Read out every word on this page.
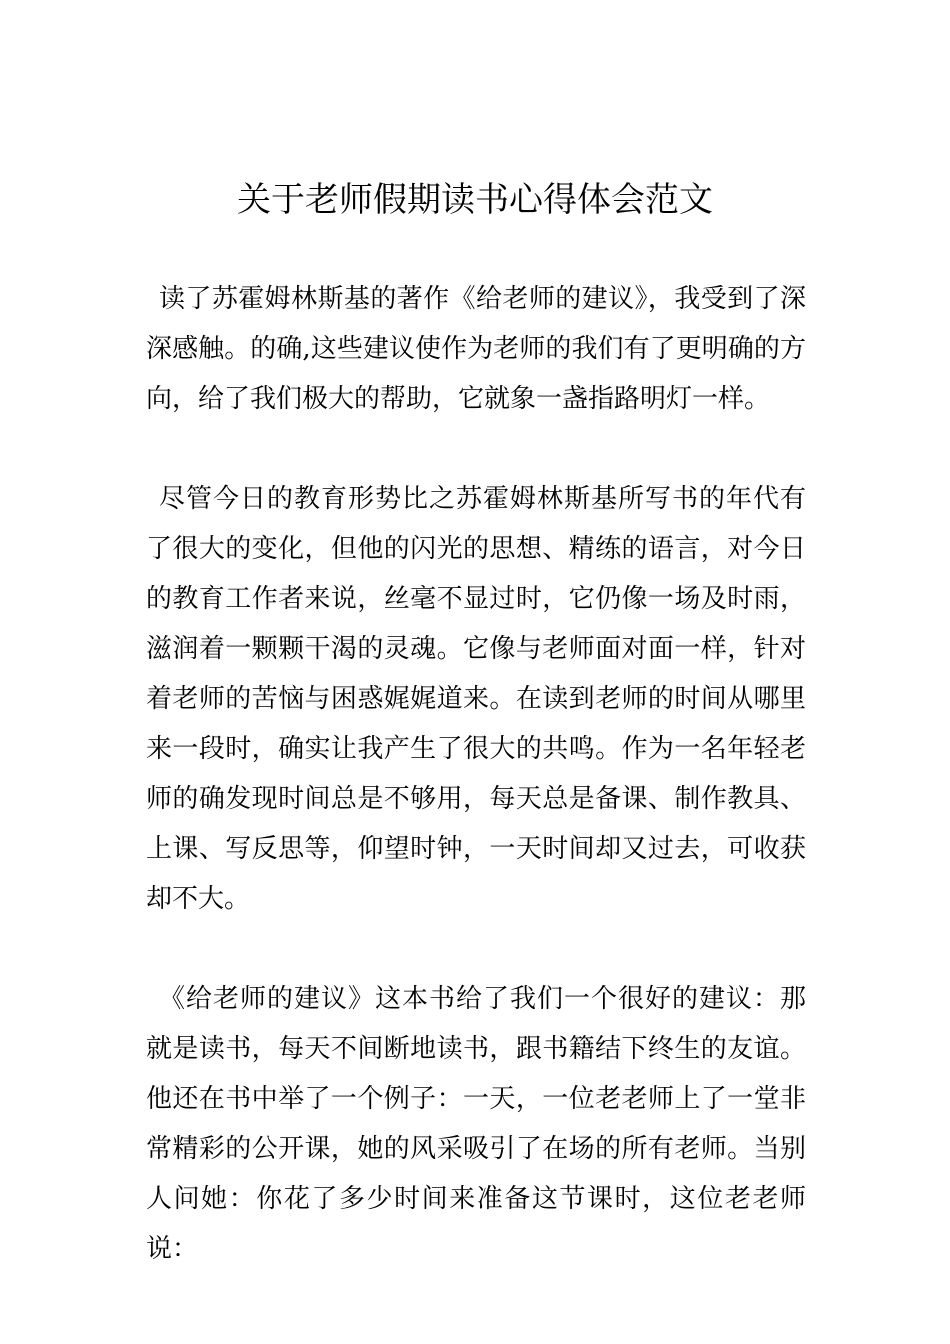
关于老师假期读书心得体会范文

读了苏霍姆林斯基的著作《给老师的建议》，我受到了深深感触。的确,这些建议使作为老师的我们有了更明确的方向，给了我们极大的帮助，它就象一盏指路明灯一样。

尽管今日的教育形势比之苏霍姆林斯基所写书的年代有了很大的变化，但他的闪光的思想、精练的语言，对今日的教育工作者来说，丝毫不显过时，它仍像一场及时雨，滋润着一颗颗干渴的灵魂。它像与老师面对面一样，针对着老师的苦恼与困惑娓娓道来。在读到老师的时间从哪里来一段时，确实让我产生了很大的共鸣。作为一名年轻老师的确发现时间总是不够用，每天总是备课、制作教具、上课、写反思等，仰望时钟，一天时间却又过去，可收获却不大。

《给老师的建议》这本书给了我们一个很好的建议：那就是读书，每天不间断地读书，跟书籍结下终生的友谊。他还在书中举了一个例子：一天，一位老老师上了一堂非常精彩的公开课，她的风采吸引了在场的所有老师。当别人问她：你花了多少时间来准备这节课时，这位老老师说：
